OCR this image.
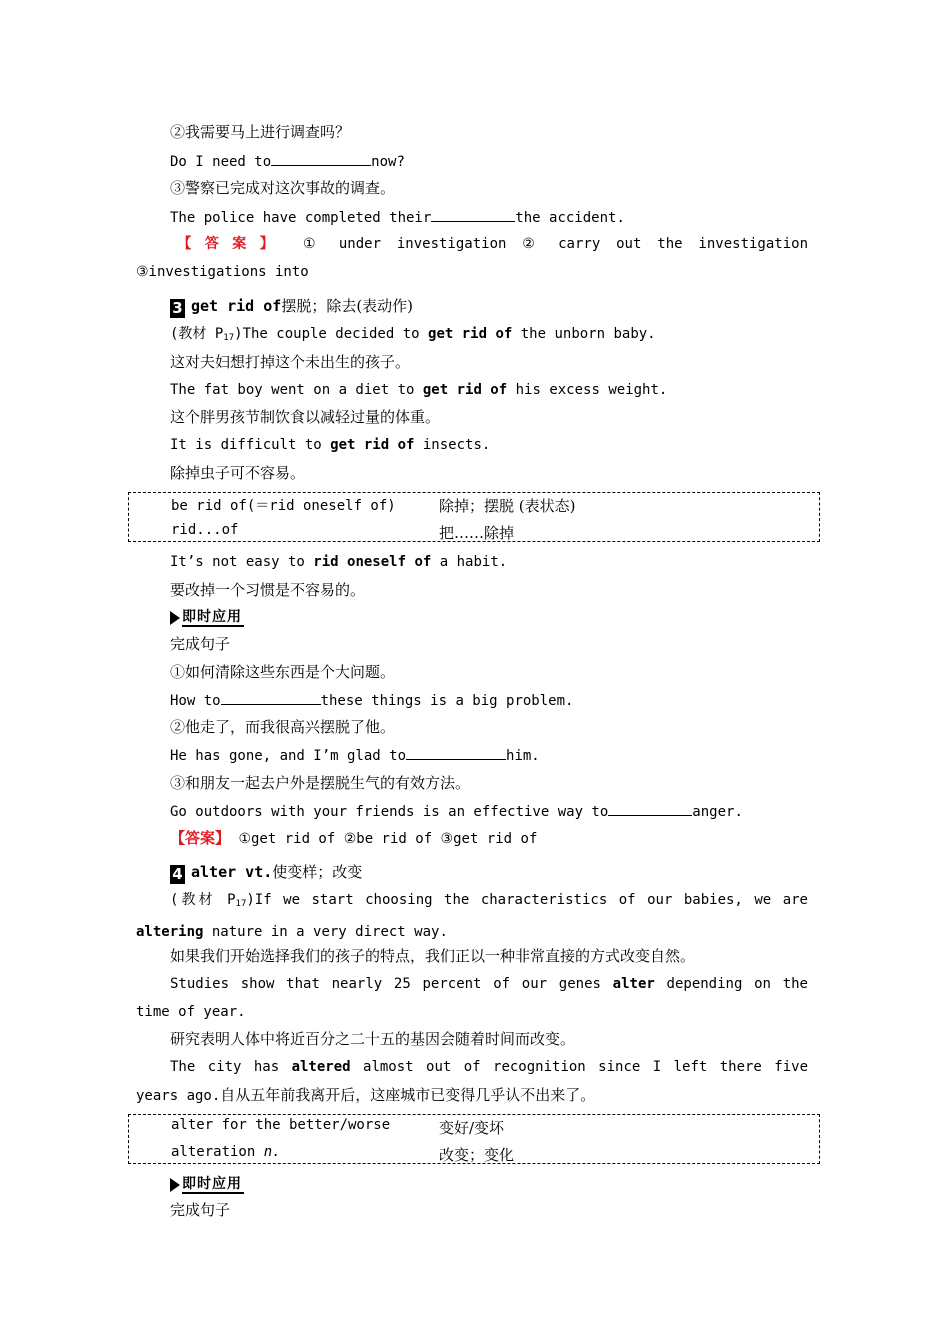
②我需要马上进行调查吗？
Do I need to	now?
③警察已完成对这次事故的调查。
The police have completed their	the accident.
【答案】 ① under investigation ② carry out the investigation ③investigations into
3 get rid of摆脱；除去(表动作)
(教材 $P_{17})The$ couple decided to get rid of the unborn baby.
这对夫妇想打掉这个未出生的孩子。
The fat boy went on a diet to get rid of his excess weight.
这个胖男孩节制饮食以减轻过量的体重。
It is difficult to get rid of insects.
除掉虫子可不容易。
be rid of(＝rid oneself of)	除掉；摆脱 (表状态)
rid...of	把……除掉
It’s not easy to rid oneself of a habit.
要改掉一个习惯是不容易的。
即时应用
完成句子
①如何清除这些东西是个大问题。
How to	these things is a big problem.
②他走了，而我很高兴摆脱了他。
He has gone, and I’m glad to	him.
③和朋友一起去户外是摆脱生气的有效方法。
Go outdoors with your friends is an effective way to	anger.
【答案】 ①get rid of ②be rid of ③get rid of
4 alter vt.使变样；改变
(教材 $P_{17})If$ we start choosing the characteristics of our babies, we are altering nature in a very direct way.
如果我们开始选择我们的孩子的特点，我们正以一种非常直接的方式改变自然。
Studies show that nearly 25 percent of our genes alter depending on the time of year.
研究表明人体中将近百分之二十五的基因会随着时间而改变。
The city has altered almost out of recognition since I left there five years ago.自从五年前我离开后，这座城市已变得几乎认不出来了。
alter for the better/worse	变好/变坏
alteration n.	改变；变化
即时应用
完成句子
